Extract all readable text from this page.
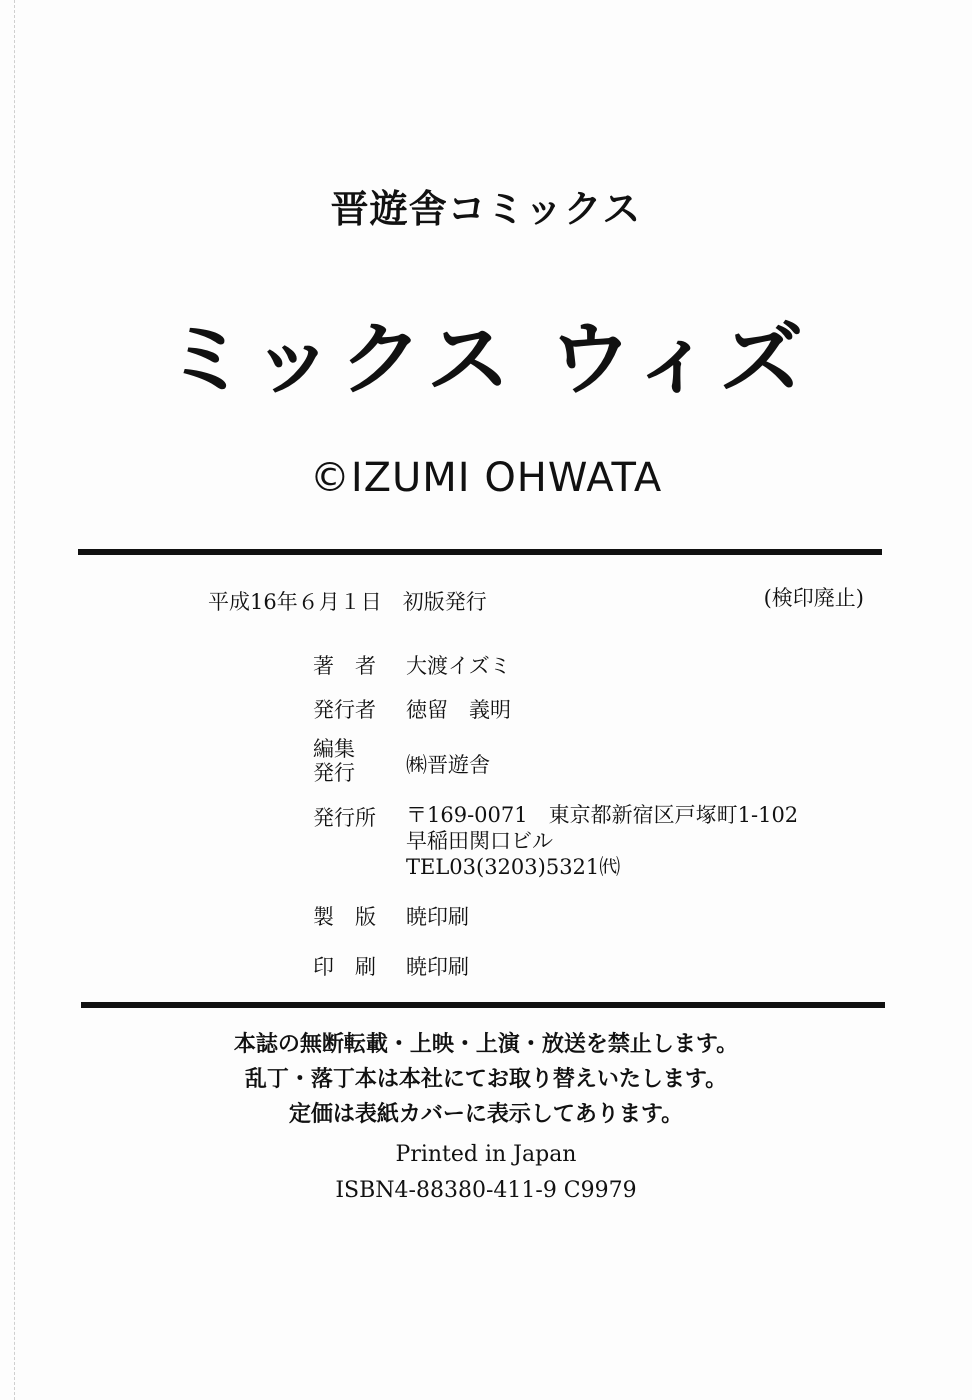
晋遊舎コミックス
ミックス ウィズ
©IZUMI OHWATA
平成16年６月１日　初版発行	(検印廃止)
著　者	大渡イズミ
発行者	徳留　義明
編集
発行	㈱晋遊舎
発行所	〒169-0071　東京都新宿区戸塚町1-102
早稲田関口ビル
TEL03(3203)5321㈹
製　版	暁印刷
印　刷	暁印刷
本誌の無断転載・上映・上演・放送を禁止します。
乱丁・落丁本は本社にてお取り替えいたします。
定価は表紙カバーに表示してあります。
Printed in Japan
ISBN4-88380-411-9 C9979
